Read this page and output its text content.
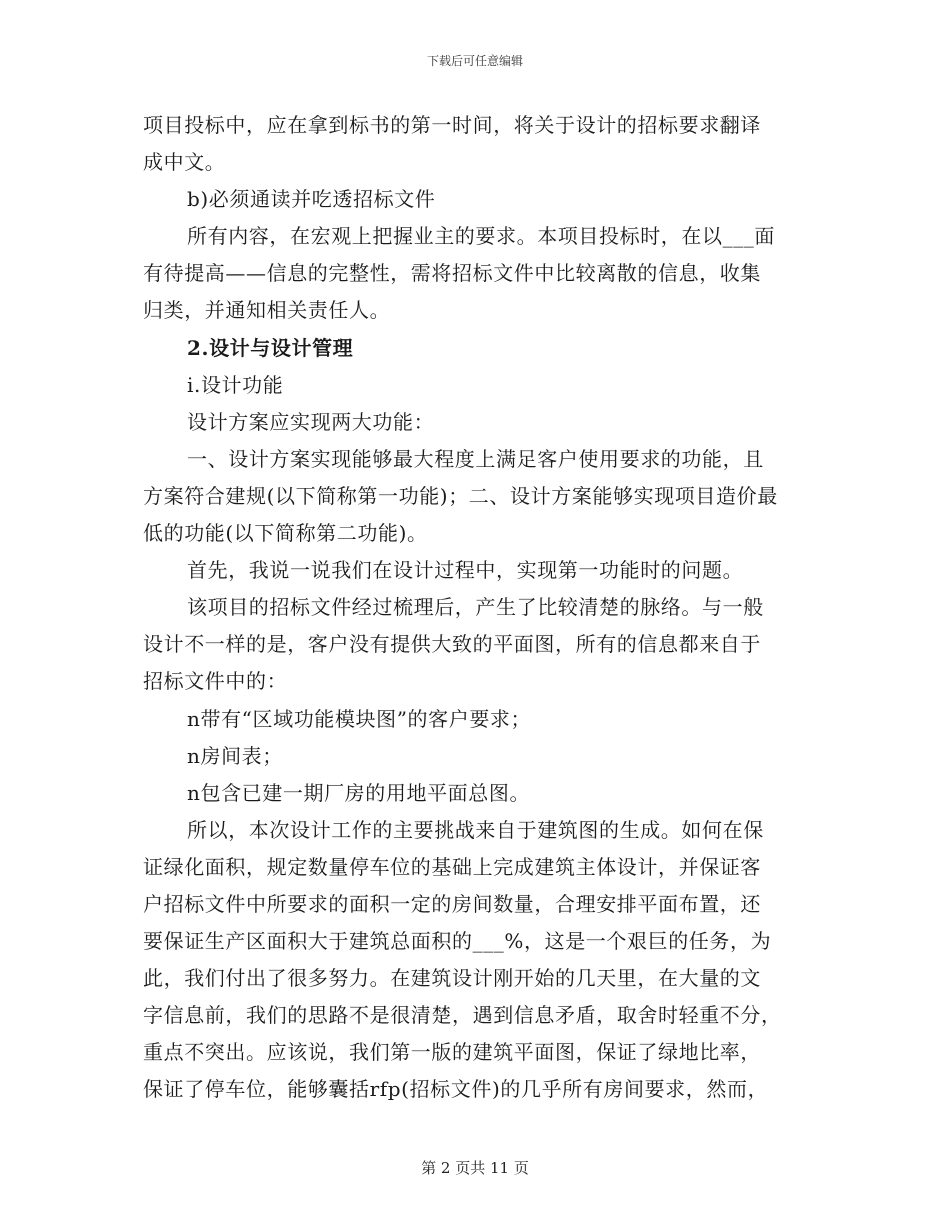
下载后可任意编辑
项目投标中，应在拿到标书的第一时间，将关于设计的招标要求翻译
成中文。
b)必须通读并吃透招标文件
所有内容，在宏观上把握业主的要求。本项目投标时，在以___面
有待提高——信息的完整性，需将招标文件中比较离散的信息，收集
归类，并通知相关责任人。
2.设计与设计管理
i.设计功能
设计方案应实现两大功能：
一、设计方案实现能够最大程度上满足客户使用要求的功能，且
方案符合建规(以下简称第一功能)；二、设计方案能够实现项目造价最
低的功能(以下简称第二功能)。
首先，我说一说我们在设计过程中，实现第一功能时的问题。
该项目的招标文件经过梳理后，产生了比较清楚的脉络。与一般
设计不一样的是，客户没有提供大致的平面图，所有的信息都来自于
招标文件中的：
n带有“区域功能模块图”的客户要求；
n房间表；
n包含已建一期厂房的用地平面总图。
所以，本次设计工作的主要挑战来自于建筑图的生成。如何在保
证绿化面积，规定数量停车位的基础上完成建筑主体设计，并保证客
户招标文件中所要求的面积一定的房间数量，合理安排平面布置，还
要保证生产区面积大于建筑总面积的___%，这是一个艰巨的任务，为
此，我们付出了很多努力。在建筑设计刚开始的几天里，在大量的文
字信息前，我们的思路不是很清楚，遇到信息矛盾，取舍时轻重不分，
重点不突出。应该说，我们第一版的建筑平面图，保证了绿地比率，
保证了停车位，能够囊括rfp(招标文件)的几乎所有房间要求，然而，
第 2 页共 11 页
